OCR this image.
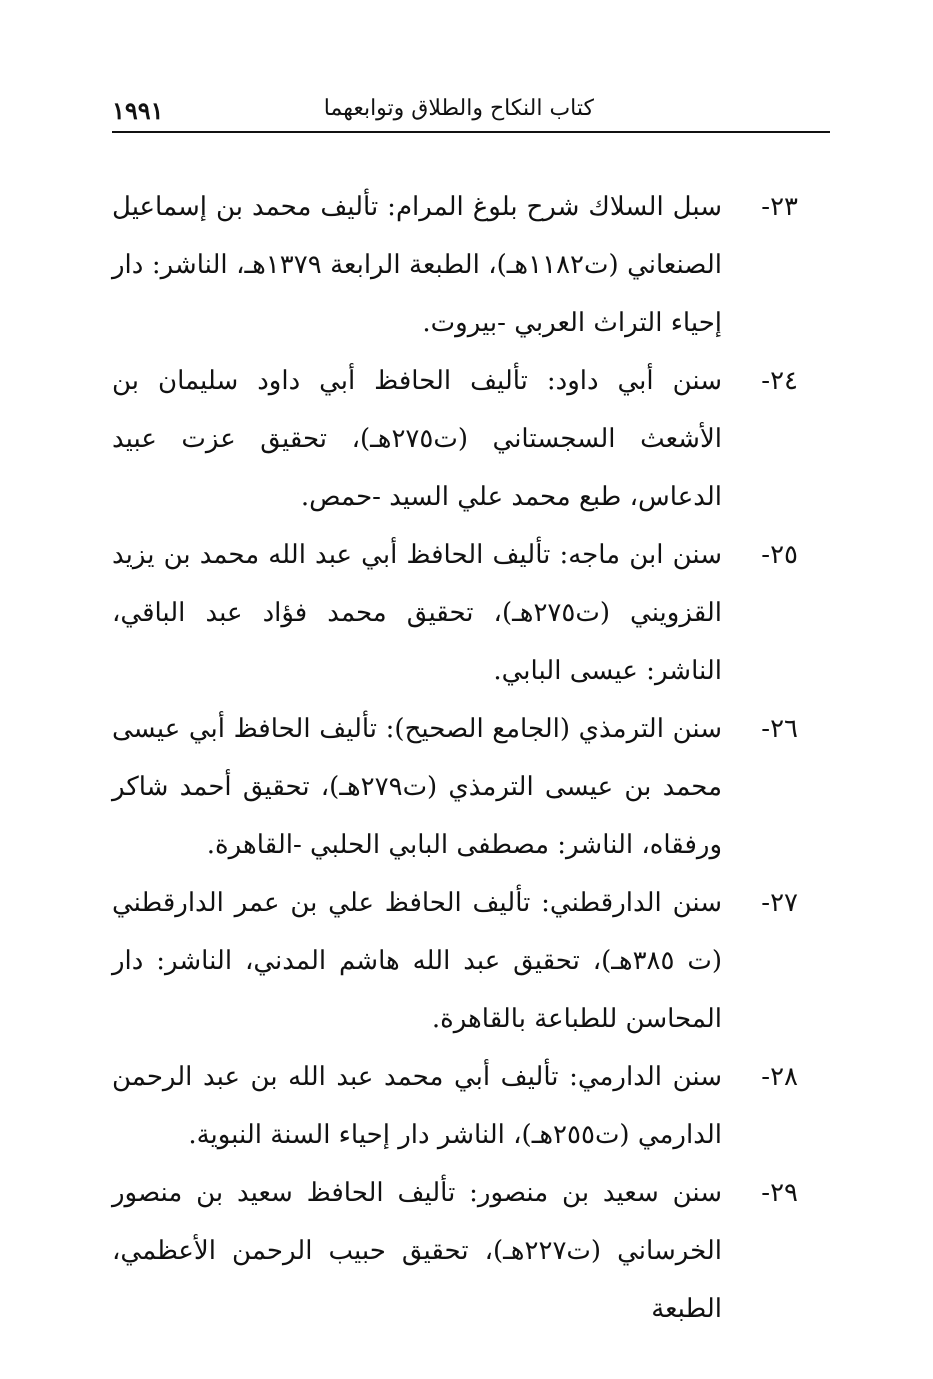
١٩٩١	كتاب النكاح والطلاق وتوابعهما
٢٣-
سبل السلاك شرح بلوغ المرام: تأليف محمد بن إسماعيل الصنعاني (ت١١٨٢هـ)، الطبعة الرابعة ١٣٧٩هـ، الناشر: دار إحياء التراث العربي -بيروت.
٢٤-
سنن أبي داود: تأليف الحافظ أبي داود سليمان بن الأشعث السجستاني (ت٢٧٥هـ)، تحقيق عزت عبيد الدعاس، طبع محمد علي السيد -حمص.
٢٥-
سنن ابن ماجه: تأليف الحافظ أبي عبد الله محمد بن يزيد القزويني (ت٢٧٥هـ)، تحقيق محمد فؤاد عبد الباقي، الناشر: عيسى البابي.
٢٦-
سنن الترمذي (الجامع الصحيح): تأليف الحافظ أبي عيسى محمد بن عيسى الترمذي (ت٢٧٩هـ)، تحقيق أحمد شاكر ورفقاه، الناشر: مصطفى البابي الحلبي -القاهرة.
٢٧-
سنن الدارقطني: تأليف الحافظ علي بن عمر الدارقطني (ت ٣٨٥هـ)، تحقيق عبد الله هاشم المدني، الناشر: دار المحاسن للطباعة بالقاهرة.
٢٨-
سنن الدارمي: تأليف أبي محمد عبد الله بن عبد الرحمن الدارمي (ت٢٥٥هـ)، الناشر دار إحياء السنة النبوية.
٢٩-
سنن سعيد بن منصور: تأليف الحافظ سعيد بن منصور الخرساني (ت٢٢٧هـ)، تحقيق حبيب الرحمن الأعظمي، الطبعة
